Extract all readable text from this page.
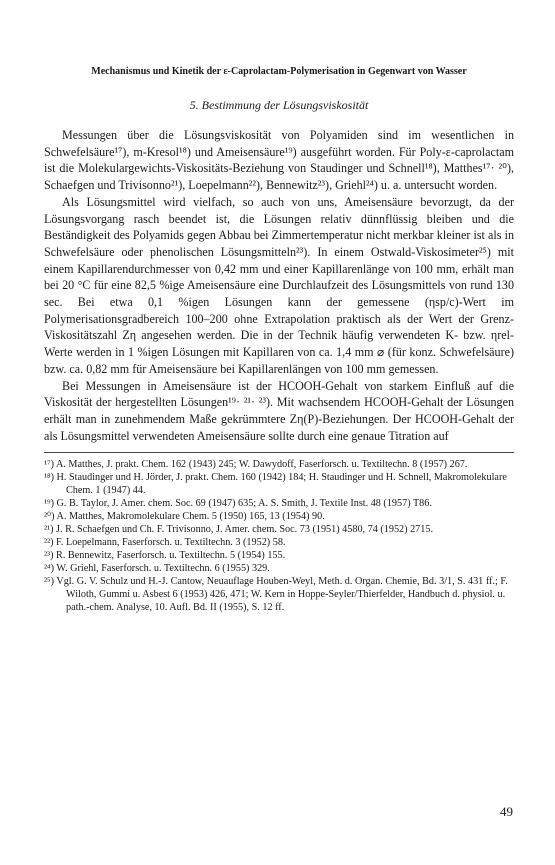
Mechanismus und Kinetik der ε-Caprolactam-Polymerisation in Gegenwart von Wasser
5. Bestimmung der Lösungsviskosität

Messungen über die Lösungsviskosität von Polyamiden sind im wesentlichen in Schwefelsäure¹⁷), m-Kresol¹⁸) und Ameisensäure¹⁹) ausgeführt worden. Für Poly-ε-caprolactam ist die Molekulargewichts-Viskositäts-Beziehung von Staudinger und Schnell¹⁸), Matthes¹⁷· ²⁰), Schaefgen und Trivisonno²¹), Loepelmann²²), Bennewitz²³), Griehl²⁴) u. a. untersucht worden.

Als Lösungsmittel wird vielfach, so auch von uns, Ameisensäure bevorzugt, da der Lösungsvorgang rasch beendet ist, die Lösungen relativ dünnflüssig bleiben und die Beständigkeit des Polyamids gegen Abbau bei Zimmertemperatur nicht merkbar kleiner ist als in Schwefelsäure oder phenolischen Lösungsmitteln²³). In einem Ostwald-Viskosimeter²⁵) mit einem Kapillarendurchmesser von 0,42 mm und einer Kapillarenlänge von 100 mm, erhält man bei 20 °C für eine 82,5 %ige Ameisensäure eine Durchlaufzeit des Lösungsmittels von rund 130 sec. Bei etwa 0,1 %igen Lösungen kann der gemessene (ηsp/c)-Wert im Polymerisationsgradbereich 100–200 ohne Extrapolation praktisch als der Wert der Grenz-Viskositätszahl Zη angesehen werden. Die in der Technik häufig verwendeten K- bzw. ηrel-Werte werden in 1 %igen Lösungen mit Kapillaren von ca. 1,4 mm ⌀ (für konz. Schwefelsäure) bzw. ca. 0,82 mm für Ameisensäure bei Kapillarenlängen von 100 mm gemessen.

Bei Messungen in Ameisensäure ist der HCOOH-Gehalt von starkem Einfluß auf die Viskosität der hergestellten Lösungen¹⁹· ²¹· ²³). Mit wachsendem HCOOH-Gehalt der Lösungen erhält man in zunehmendem Maße gekrümmtere Zη(P)-Beziehungen. Der HCOOH-Gehalt der als Lösungsmittel verwendeten Ameisensäure sollte durch eine genaue Titration auf

¹⁷) A. Matthes, J. prakt. Chem. 162 (1943) 245; W. Dawydoff, Faserforsch. u. Textiltechn. 8 (1957) 267.
¹⁸) H. Staudinger und H. Jörder, J. prakt. Chem. 160 (1942) 184; H. Staudinger und H. Schnell, Makromolekulare Chem. 1 (1947) 44.
¹⁹) G. B. Taylor, J. Amer. chem. Soc. 69 (1947) 635; A. S. Smith, J. Textile Inst. 48 (1957) T86.
²⁰) A. Matthes, Makromolekulare Chem. 5 (1950) 165, 13 (1954) 90.
²¹) J. R. Schaefgen und Ch. F. Trivisonno, J. Amer. chem. Soc. 73 (1951) 4580, 74 (1952) 2715.
²²) F. Loepelmann, Faserforsch. u. Textiltechn. 3 (1952) 58.
²³) R. Bennewitz, Faserforsch. u. Textiltechn. 5 (1954) 155.
²⁴) W. Griehl, Faserforsch. u. Textiltechn. 6 (1955) 329.
²⁵) Vgl. G. V. Schulz und H.-J. Cantow, Neuauflage Houben-Weyl, Meth. d. Organ. Chemie, Bd. 3/1, S. 431 ff.; F. Wiloth, Gummi u. Asbest 6 (1953) 426, 471; W. Kern in Hoppe-Seyler/Thierfelder, Handbuch d. physiol. u. path.-chem. Analyse, 10. Aufl. Bd. II (1955), S. 12 ff.
49
